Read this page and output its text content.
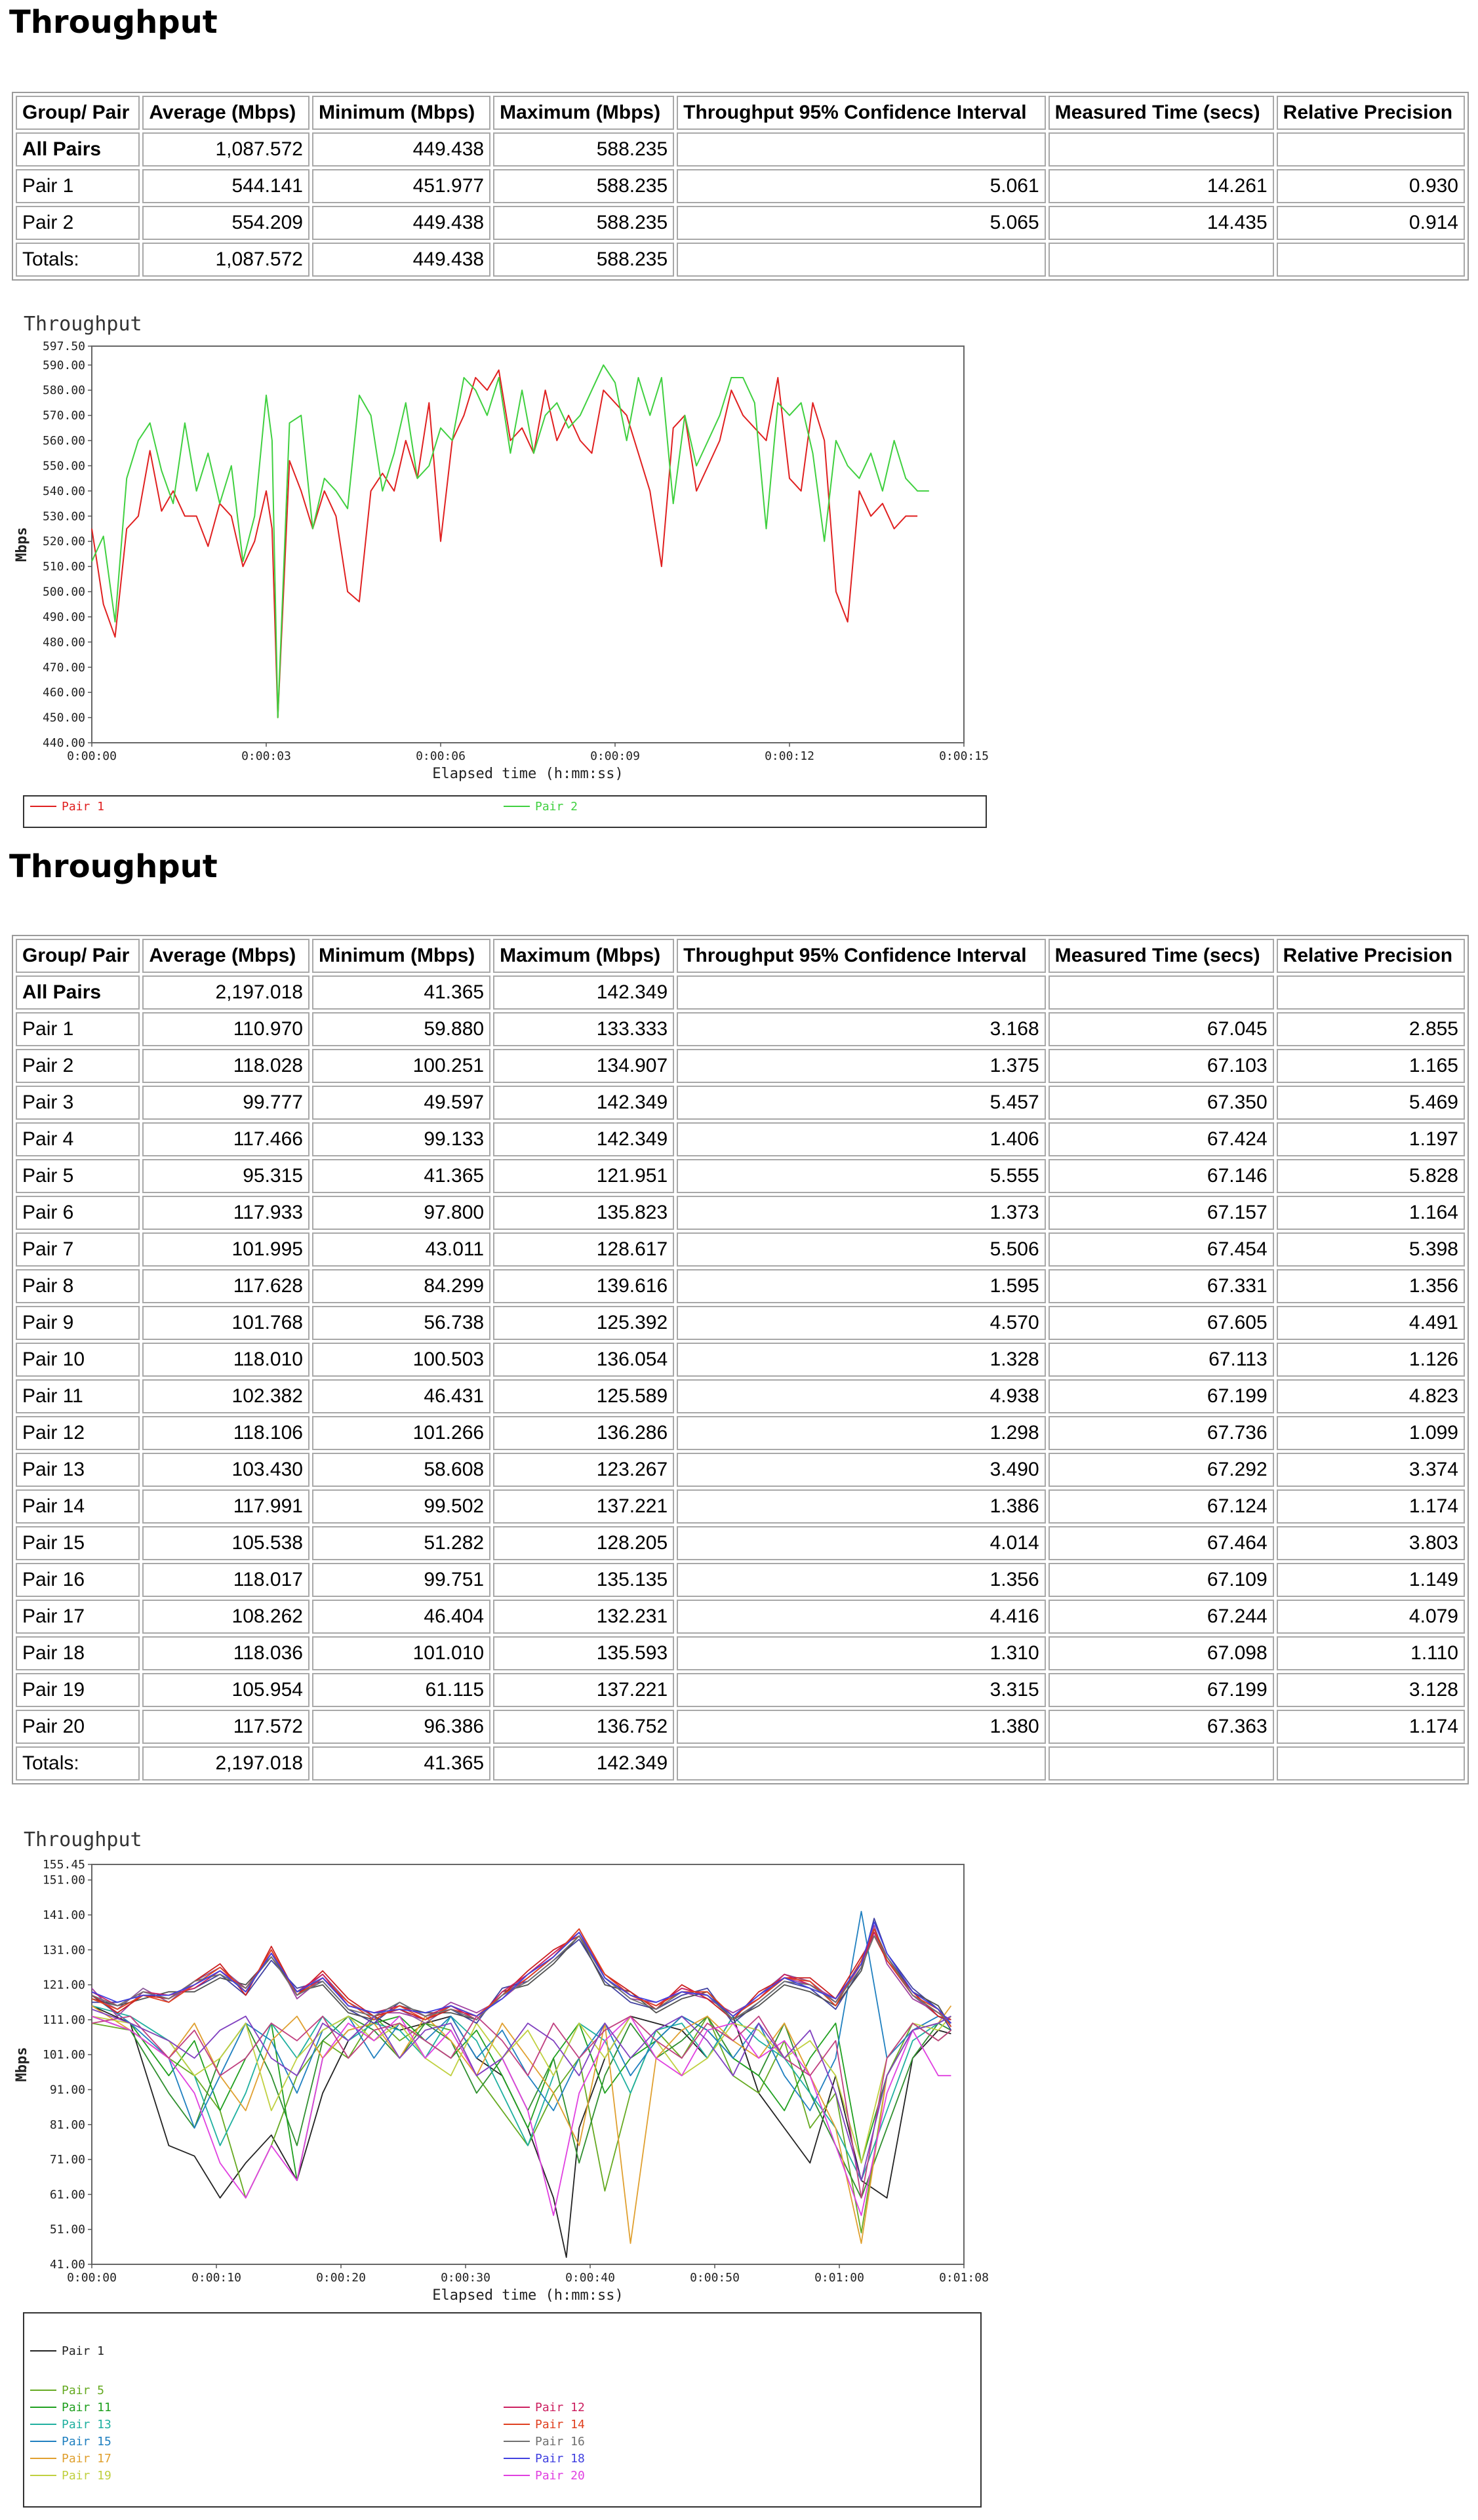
Throughput
Group/ Pair	Average (Mbps)	Minimum (Mbps)	Maximum (Mbps)	Throughput 95% Confidence Interval	Measured Time (secs)	Relative Precision
All Pairs	1,087.572	449.438	588.235			
Pair 1	544.141	451.977	588.235	5.061	14.261	0.930
Pair 2	554.209	449.438	588.235	5.065	14.435	0.914
Totals:	1,087.572	449.438	588.235			
Throughput
440.00
450.00
460.00
470.00
480.00
490.00
500.00
510.00
520.00
530.00
540.00
550.00
560.00
570.00
580.00
590.00
597.50
0:00:00	0:00:03	0:00:06	0:00:09	0:00:12	0:00:15
Elapsed time (h:mm:ss)
Mbps
Pair 1	Pair 2
Throughput
Group/ Pair	Average (Mbps)	Minimum (Mbps)	Maximum (Mbps)	Throughput 95% Confidence Interval	Measured Time (secs)	Relative Precision
All Pairs	2,197.018	41.365	142.349			
Pair 1	110.970	59.880	133.333	3.168	67.045	2.855
Pair 2	118.028	100.251	134.907	1.375	67.103	1.165
Pair 3	99.777	49.597	142.349	5.457	67.350	5.469
Pair 4	117.466	99.133	142.349	1.406	67.424	1.197
Pair 5	95.315	41.365	121.951	5.555	67.146	5.828
Pair 6	117.933	97.800	135.823	1.373	67.157	1.164
Pair 7	101.995	43.011	128.617	5.506	67.454	5.398
Pair 8	117.628	84.299	139.616	1.595	67.331	1.356
Pair 9	101.768	56.738	125.392	4.570	67.605	4.491
Pair 10	118.010	100.503	136.054	1.328	67.113	1.126
Pair 11	102.382	46.431	125.589	4.938	67.199	4.823
Pair 12	118.106	101.266	136.286	1.298	67.736	1.099
Pair 13	103.430	58.608	123.267	3.490	67.292	3.374
Pair 14	117.991	99.502	137.221	1.386	67.124	1.174
Pair 15	105.538	51.282	128.205	4.014	67.464	3.803
Pair 16	118.017	99.751	135.135	1.356	67.109	1.149
Pair 17	108.262	46.404	132.231	4.416	67.244	4.079
Pair 18	118.036	101.010	135.593	1.310	67.098	1.110
Pair 19	105.954	61.115	137.221	3.315	67.199	3.128
Pair 20	117.572	96.386	136.752	1.380	67.363	1.174
Totals:	2,197.018	41.365	142.349			
Throughput
41.00
51.00
61.00
71.00
81.00
91.00
101.00
111.00
121.00
131.00
141.00
151.00
155.45
0:00:00	0:00:10	0:00:20	0:00:30	0:00:40	0:00:50	0:01:00	0:01:08
Elapsed time (h:mm:ss)
Mbps
Pair 1
Pair 5
Pair 11
Pair 13
Pair 15
Pair 17
Pair 19
Pair 12
Pair 14
Pair 16
Pair 18
Pair 20
